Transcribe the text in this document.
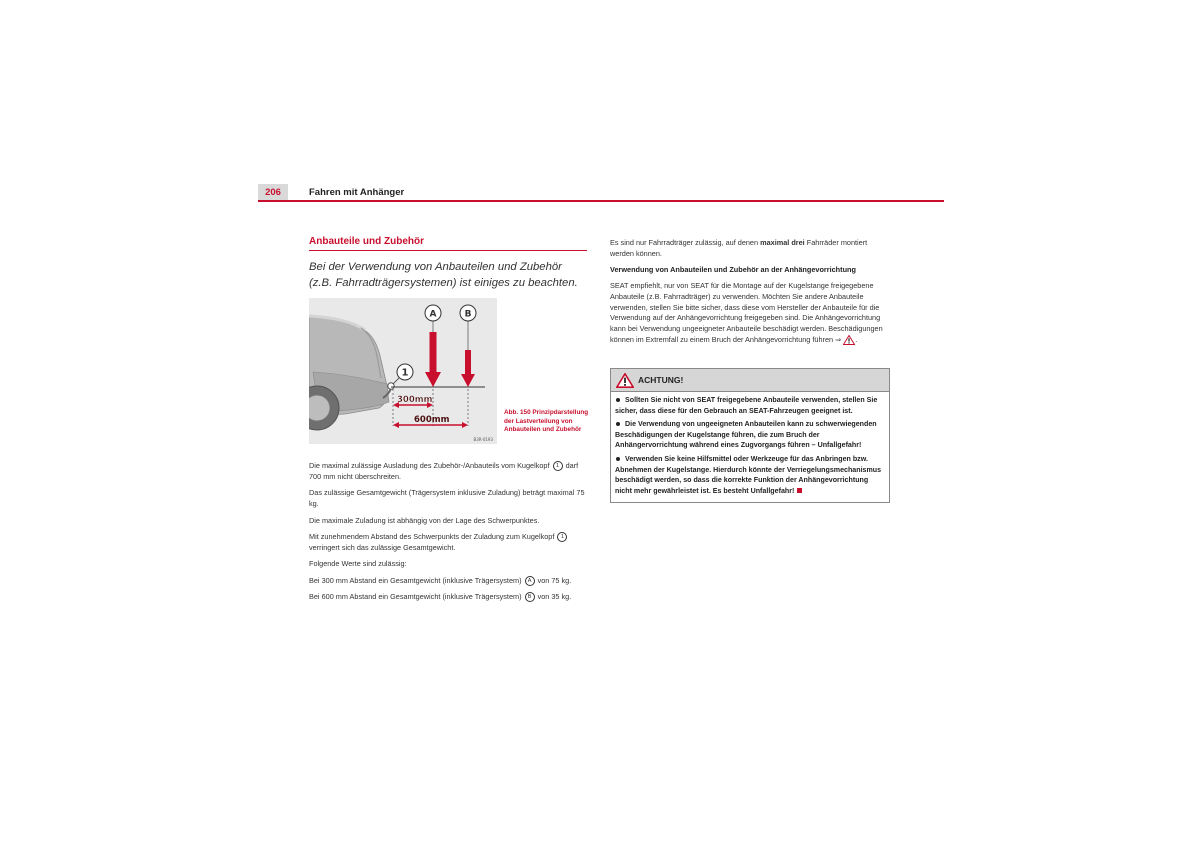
206	Fahren mit Anhänger
Anbauteile und Zubehör

Bei der Verwendung von Anbauteilen und Zubehör (z.B. Fahrradträgersystemen) ist einiges zu beachten.

1
A	B
300mm
600mm
B3R-0193
Abb. 150 Prinzipdarstellung der Lastverteilung von Anbauteilen und Zubehör

Die maximal zulässige Ausladung des Zubehör-/Anbauteils vom Kugelkopf 1 darf 700 mm nicht überschreiten.

Das zulässige Gesamtgewicht (Trägersystem inklusive Zuladung) beträgt maximal 75 kg.

Die maximale Zuladung ist abhängig von der Lage des Schwerpunktes.

Mit zunehmendem Abstand des Schwerpunkts der Zuladung zum Kugelkopf 1 verringert sich das zulässige Gesamtgewicht.

Folgende Werte sind zulässig:

Bei 300 mm Abstand ein Gesamtgewicht (inklusive Trägersystem) A von 75 kg.

Bei 600 mm Abstand ein Gesamtgewicht (inklusive Trägersystem) B von 35 kg.

Es sind nur Fahrradträger zulässig, auf denen maximal drei Fahrräder montiert werden können.

Verwendung von Anbauteilen und Zubehör an der Anhängevorrichtung

SEAT empfiehlt, nur von SEAT für die Montage auf der Kugelstange freigegebene Anbauteile (z.B. Fahrradträger) zu verwenden. Möchten Sie andere Anbauteile verwenden, stellen Sie bitte sicher, dass diese vom Hersteller der Anbauteile für die Verwendung auf der Anhängevorrichtung freigegeben sind. Die Anhängevorrichtung kann bei Verwendung ungeeigneter Anbauteile beschädigt werden. Beschädigungen können im Extremfall zu einem Bruch der Anhängevorrichtung führen ⇒ .

ACHTUNG!
Sollten Sie nicht von SEAT freigegebene Anbauteile verwenden, stellen Sie sicher, dass diese für den Gebrauch an SEAT-Fahrzeugen geeignet ist.
Die Verwendung von ungeeigneten Anbauteilen kann zu schwerwiegenden Beschädigungen der Kugelstange führen, die zum Bruch der Anhängervorrichtung während eines Zugvorgangs führen – Unfallgefahr!
Verwenden Sie keine Hilfsmittel oder Werkzeuge für das Anbringen bzw. Abnehmen der Kugelstange. Hierdurch könnte der Verriegelungsmechanismus beschädigt werden, so dass die korrekte Funktion der Anhängevorrichtung nicht mehr gewährleistet ist. Es besteht Unfallgefahr!
